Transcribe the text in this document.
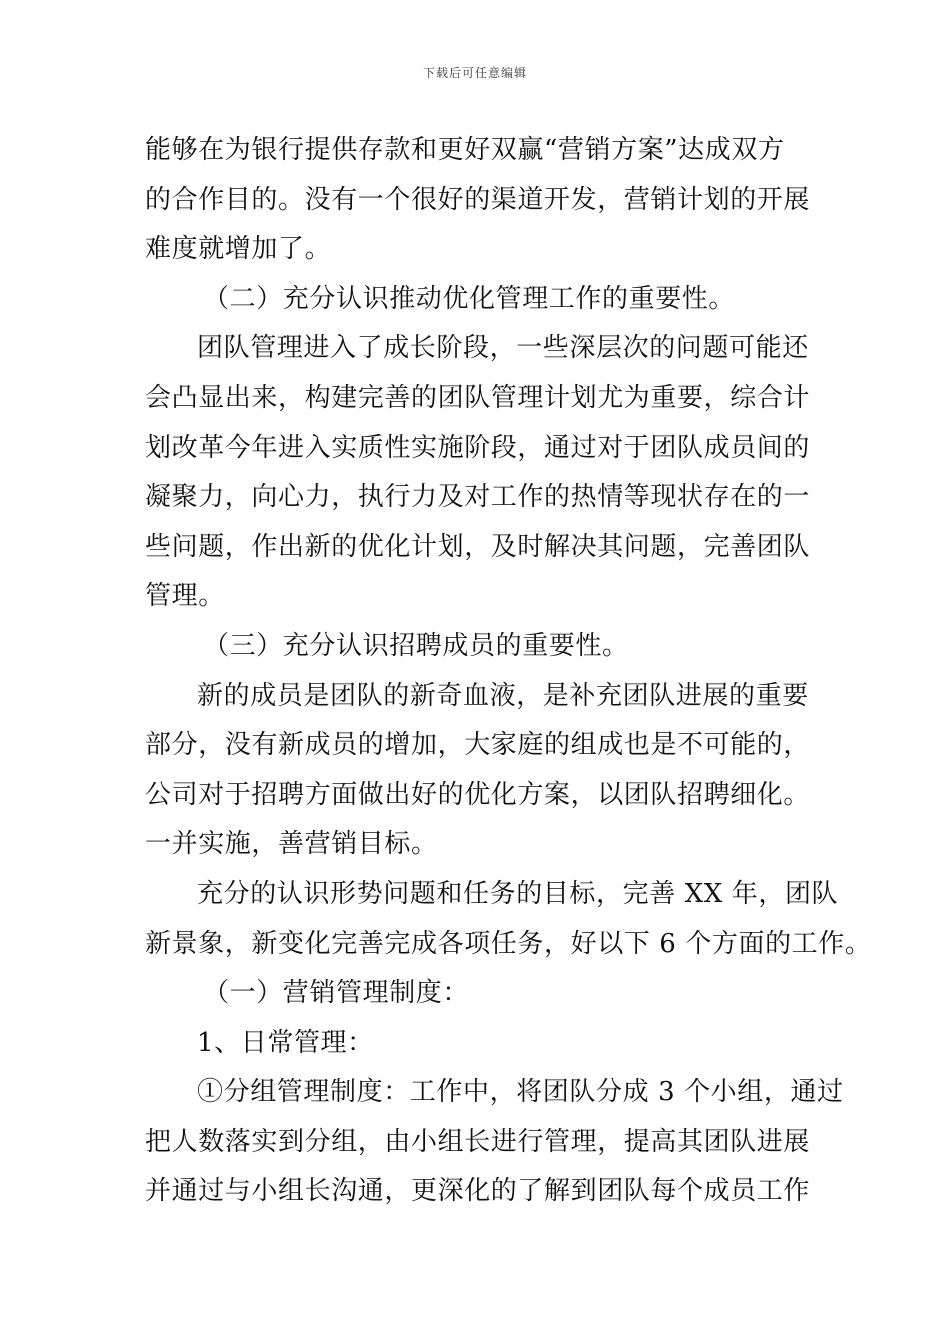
下载后可任意编辑
能够在为银行提供存款和更好双赢“营销方案”达成双方
的合作目的。没有一个很好的渠道开发，营销计划的开展
难度就增加了。
（二）充分认识推动优化管理工作的重要性。
团队管理进入了成长阶段，一些深层次的问题可能还
会凸显出来，构建完善的团队管理计划尤为重要，综合计
划改革今年进入实质性实施阶段，通过对于团队成员间的
凝聚力，向心力，执行力及对工作的热情等现状存在的一
些问题，作出新的优化计划，及时解决其问题，完善团队
管理。
（三）充分认识招聘成员的重要性。
新的成员是团队的新奇血液，是补充团队进展的重要
部分，没有新成员的增加，大家庭的组成也是不可能的，
公司对于招聘方面做出好的优化方案，以团队招聘细化。
一并实施，善营销目标。
充分的认识形势问题和任务的目标，完善 XX 年，团队
新景象，新变化完善完成各项任务，好以下 6 个方面的工作。
（一）营销管理制度：
1、日常管理：
①分组管理制度：工作中，将团队分成 3 个小组，通过
把人数落实到分组，由小组长进行管理，提高其团队进展
并通过与小组长沟通，更深化的了解到团队每个成员工作
